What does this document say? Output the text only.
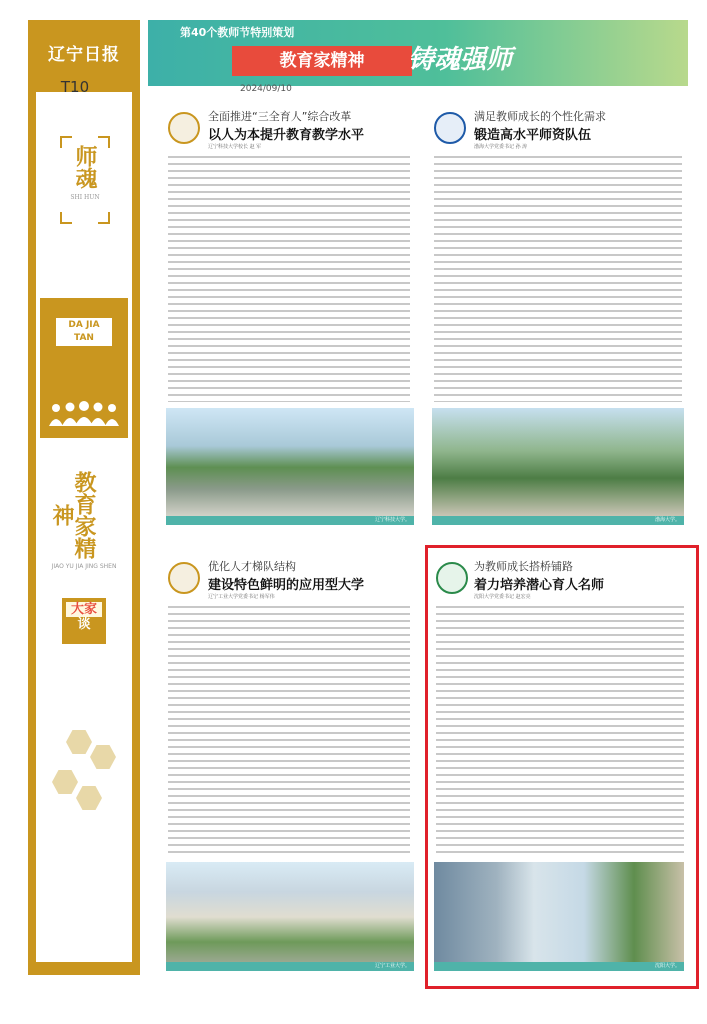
辽宁日报
T10
师魂
SHI HUN
DA JIA
TAN
教育家精神
JIAO YU JIA JING SHEN
大家
谈
第40个教师节特别策划
教育家精神	铸魂强师
2024/09/10
全面推进“三全育人”综合改革
以人为本提升教育教学水平
辽宁科技大学校长 赵 军
辽宁科技大学。
满足教师成长的个性化需求
锻造高水平师资队伍
渤海大学党委书记 孙 涛
渤海大学。
优化人才梯队结构
建设特色鲜明的应用型大学
辽宁工业大学党委书记 杨军伟
辽宁工业大学。
为教师成长搭桥铺路
着力培养潜心育人名师
沈阳大学党委书记 赵宏亮
沈阳大学。
